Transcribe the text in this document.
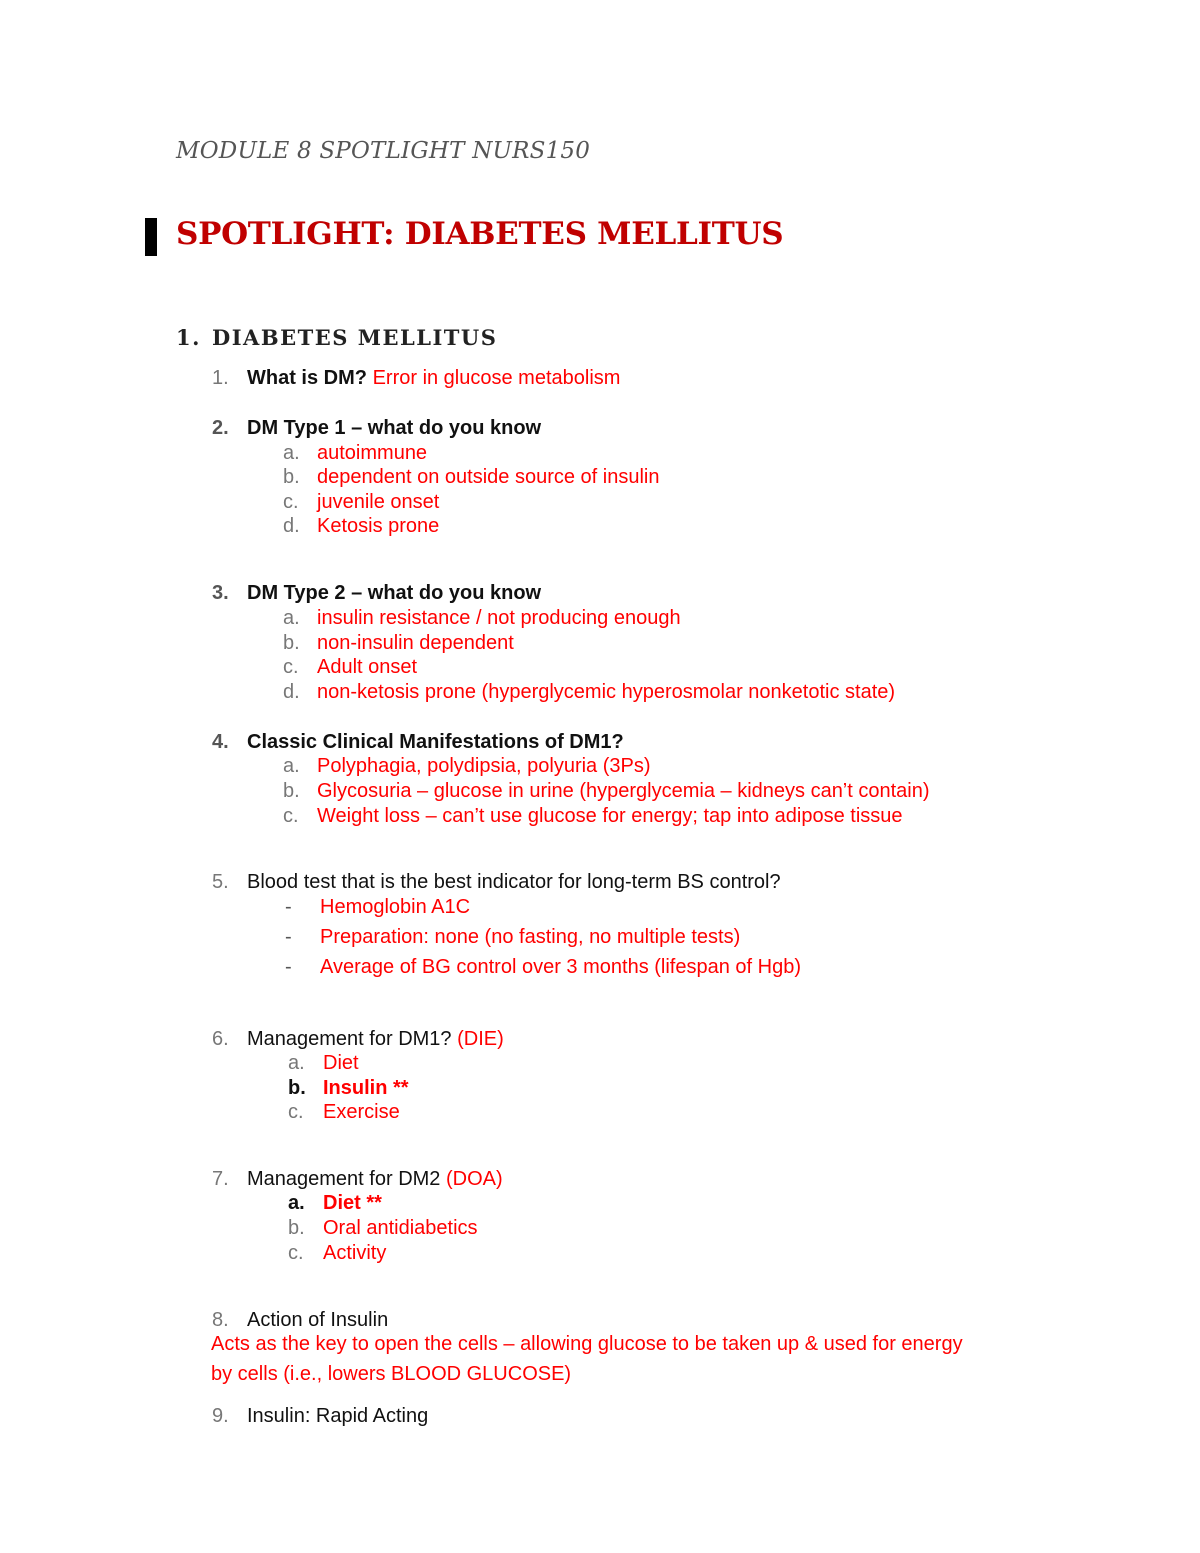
MODULE 8 SPOTLIGHT NURS150
SPOTLIGHT: DIABETES MELLITUS
1. DIABETES MELLITUS
1. What is DM? Error in glucose metabolism
2. DM Type 1 – what do you know
a. autoimmune
b. dependent on outside source of insulin
c. juvenile onset
d. Ketosis prone
3. DM Type 2 – what do you know
a. insulin resistance / not producing enough
b. non-insulin dependent
c. Adult onset
d. non-ketosis prone (hyperglycemic hyperosmolar nonketotic state)
4. Classic Clinical Manifestations of DM1?
a. Polyphagia, polydipsia, polyuria (3Ps)
b. Glycosuria – glucose in urine (hyperglycemia – kidneys can’t contain)
c. Weight loss – can’t use glucose for energy; tap into adipose tissue
5. Blood test that is the best indicator for long-term BS control?
- Hemoglobin A1C
- Preparation: none (no fasting, no multiple tests)
- Average of BG control over 3 months (lifespan of Hgb)
6. Management for DM1? (DIE)
a. Diet
b. Insulin **
c. Exercise
7. Management for DM2 (DOA)
a. Diet **
b. Oral antidiabetics
c. Activity
8. Action of Insulin
Acts as the key to open the cells – allowing glucose to be taken up & used for energy
by cells (i.e., lowers BLOOD GLUCOSE)
9. Insulin: Rapid Acting
